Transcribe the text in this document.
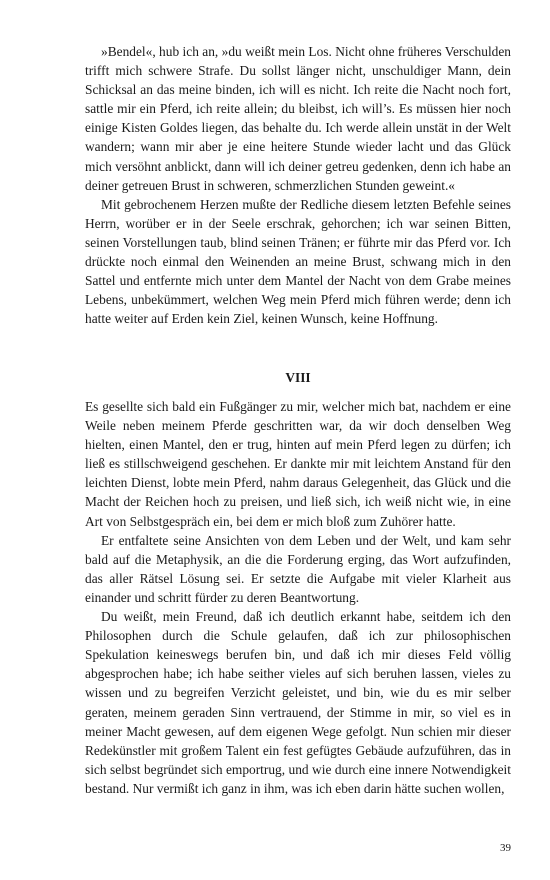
»Bendel«, hub ich an, »du weißt mein Los. Nicht ohne früheres Verschulden trifft mich schwere Strafe. Du sollst länger nicht, unschuldiger Mann, dein Schicksal an das meine binden, ich will es nicht. Ich reite die Nacht noch fort, sattle mir ein Pferd, ich reite allein; du bleibst, ich will’s. Es müssen hier noch einige Kisten Goldes liegen, das behalte du. Ich werde allein unstät in der Welt wandern; wann mir aber je eine heitere Stunde wieder lacht und das Glück mich versöhnt anblickt, dann will ich deiner getreu gedenken, denn ich habe an deiner getreuen Brust in schweren, schmerzlichen Stunden geweint.«

Mit gebrochenem Herzen mußte der Redliche diesem letzten Befehle seines Herrn, worüber er in der Seele erschrak, gehorchen; ich war seinen Bitten, seinen Vorstellungen taub, blind seinen Tränen; er führte mir das Pferd vor. Ich drückte noch einmal den Weinenden an meine Brust, schwang mich in den Sattel und entfernte mich unter dem Mantel der Nacht von dem Grabe meines Lebens, unbekümmert, welchen Weg mein Pferd mich führen werde; denn ich hatte weiter auf Erden kein Ziel, keinen Wunsch, keine Hoffnung.

VIII

Es gesellte sich bald ein Fußgänger zu mir, welcher mich bat, nachdem er eine Weile neben meinem Pferde geschritten war, da wir doch denselben Weg hielten, einen Mantel, den er trug, hinten auf mein Pferd legen zu dürfen; ich ließ es stillschweigend geschehen. Er dankte mir mit leichtem Anstand für den leichten Dienst, lobte mein Pferd, nahm daraus Gelegenheit, das Glück und die Macht der Reichen hoch zu preisen, und ließ sich, ich weiß nicht wie, in eine Art von Selbstgespräch ein, bei dem er mich bloß zum Zuhörer hatte.

Er entfaltete seine Ansichten von dem Leben und der Welt, und kam sehr bald auf die Metaphysik, an die die Forderung erging, das Wort aufzufinden, das aller Rätsel Lösung sei. Er setzte die Aufgabe mit vieler Klarheit aus einander und schritt fürder zu deren Beantwortung.

Du weißt, mein Freund, daß ich deutlich erkannt habe, seitdem ich den Philosophen durch die Schule gelaufen, daß ich zur philosophischen Spekulation keineswegs berufen bin, und daß ich mir dieses Feld völlig abgesprochen habe; ich habe seither vieles auf sich beruhen lassen, vieles zu wissen und zu begreifen Verzicht geleistet, und bin, wie du es mir selber geraten, meinem geraden Sinn vertrauend, der Stimme in mir, so viel es in meiner Macht gewesen, auf dem eigenen Wege gefolgt. Nun schien mir dieser Redekünstler mit großem Talent ein fest gefügtes Gebäude aufzuführen, das in sich selbst begründet sich emportrug, und wie durch eine innere Notwendigkeit bestand. Nur vermißt ich ganz in ihm, was ich eben darin hätte suchen wollen,

39
